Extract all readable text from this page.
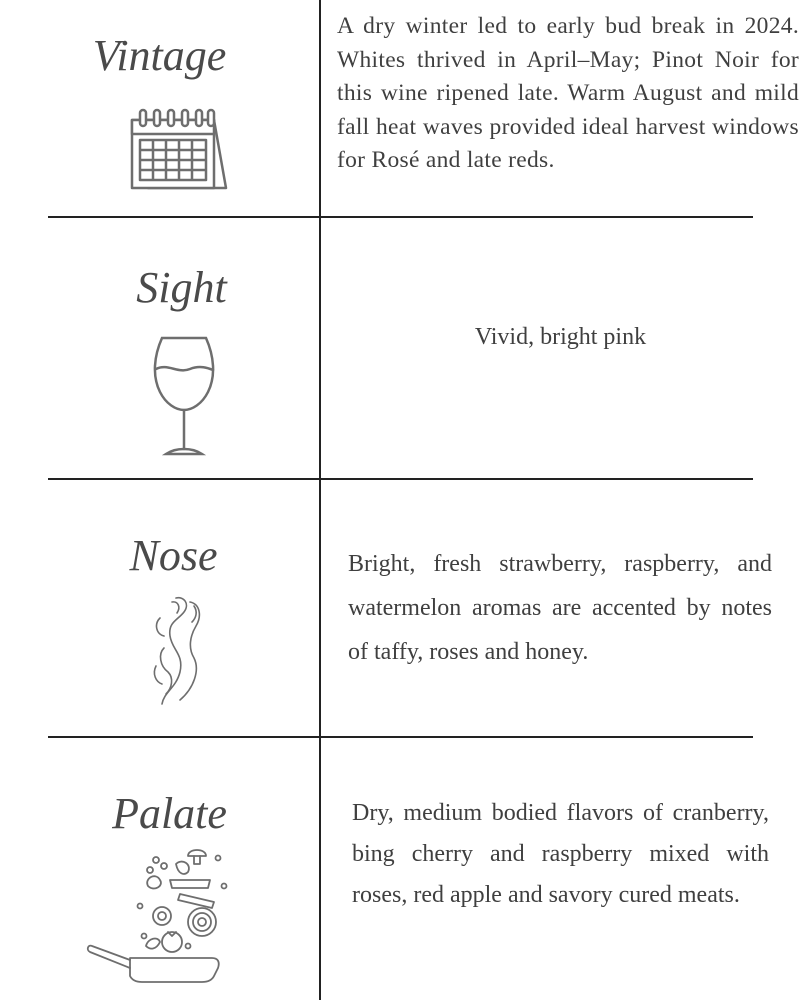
Vintage
A dry winter led to early bud break in 2024. Whites thrived in April–May; Pinot Noir for this wine ripened late. Warm August and mild fall heat waves provided ideal harvest windows for Rosé and late reds.
Sight
Vivid, bright pink
Nose	Bright, fresh strawberry, raspberry, and watermelon aromas are accented by notes of taffy, roses and honey.
Palate	Dry, medium bodied flavors of cranberry, bing cherry and raspberry mixed with roses, red apple and savory cured meats.
